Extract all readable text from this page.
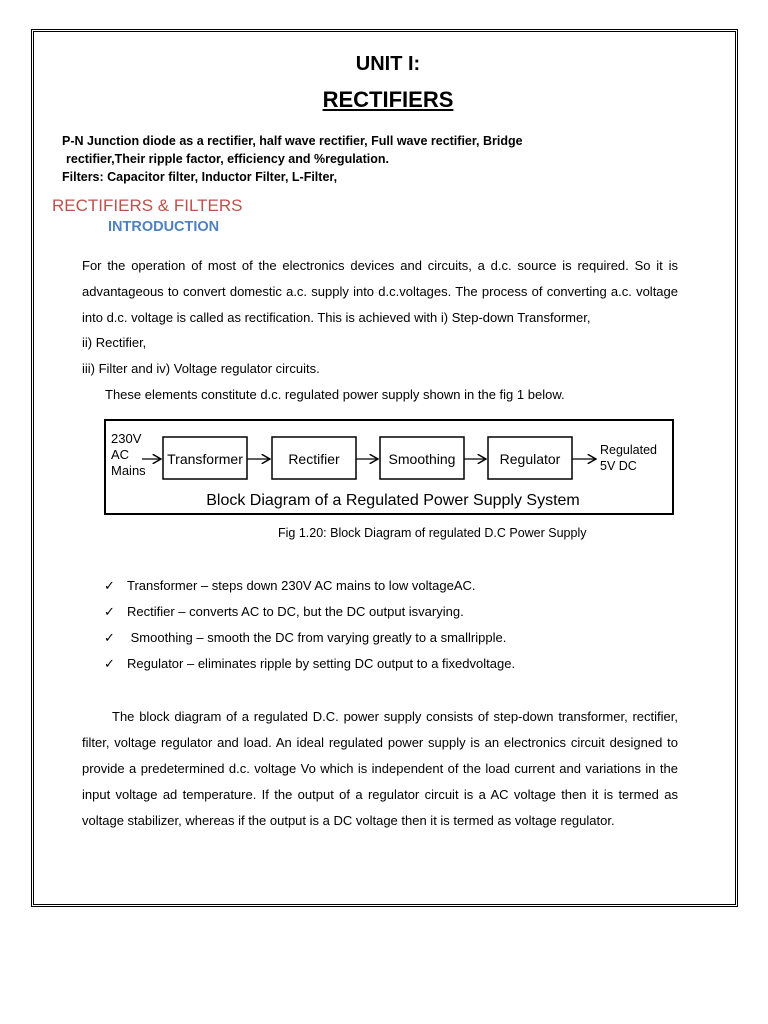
UNIT I:
RECTIFIERS
P-N Junction diode as a rectifier, half wave rectifier, Full wave rectifier, Bridge
rectifier,Their ripple factor, efficiency and %regulation.
Filters: Capacitor filter, Inductor Filter, L-Filter,
RECTIFIERS & FILTERS
INTRODUCTION
For the operation of most of the electronics devices and circuits, a d.c. source is required. So it is advantageous to convert domestic a.c. supply into d.c.voltages. The process of converting a.c. voltage into d.c. voltage is called as rectification. This is achieved with i) Step-down Transformer,
ii) Rectifier,
iii) Filter and iv) Voltage regulator circuits.
These elements constitute d.c. regulated power supply shown in the fig 1 below.
230V
AC
Mains
Transformer	Rectifier	Smoothing	Regulator
Regulated
5V DC
Block Diagram of a Regulated Power Supply System
Fig 1.20: Block Diagram of regulated D.C Power Supply
✓ Transformer – steps down 230V AC mains to low voltageAC.
✓ Rectifier – converts AC to DC, but the DC output isvarying.
✓ Smoothing – smooth the DC from varying greatly to a smallripple.
✓ Regulator – eliminates ripple by setting DC output to a fixedvoltage.
The block diagram of a regulated D.C. power supply consists of step-down transformer, rectifier, filter, voltage regulator and load. An ideal regulated power supply is an electronics circuit designed to provide a predetermined d.c. voltage Vo which is independent of the load current and variations in the input voltage ad temperature. If the output of a regulator circuit is a AC voltage then it is termed as voltage stabilizer, whereas if the output is a DC voltage then it is termed as voltage regulator.
